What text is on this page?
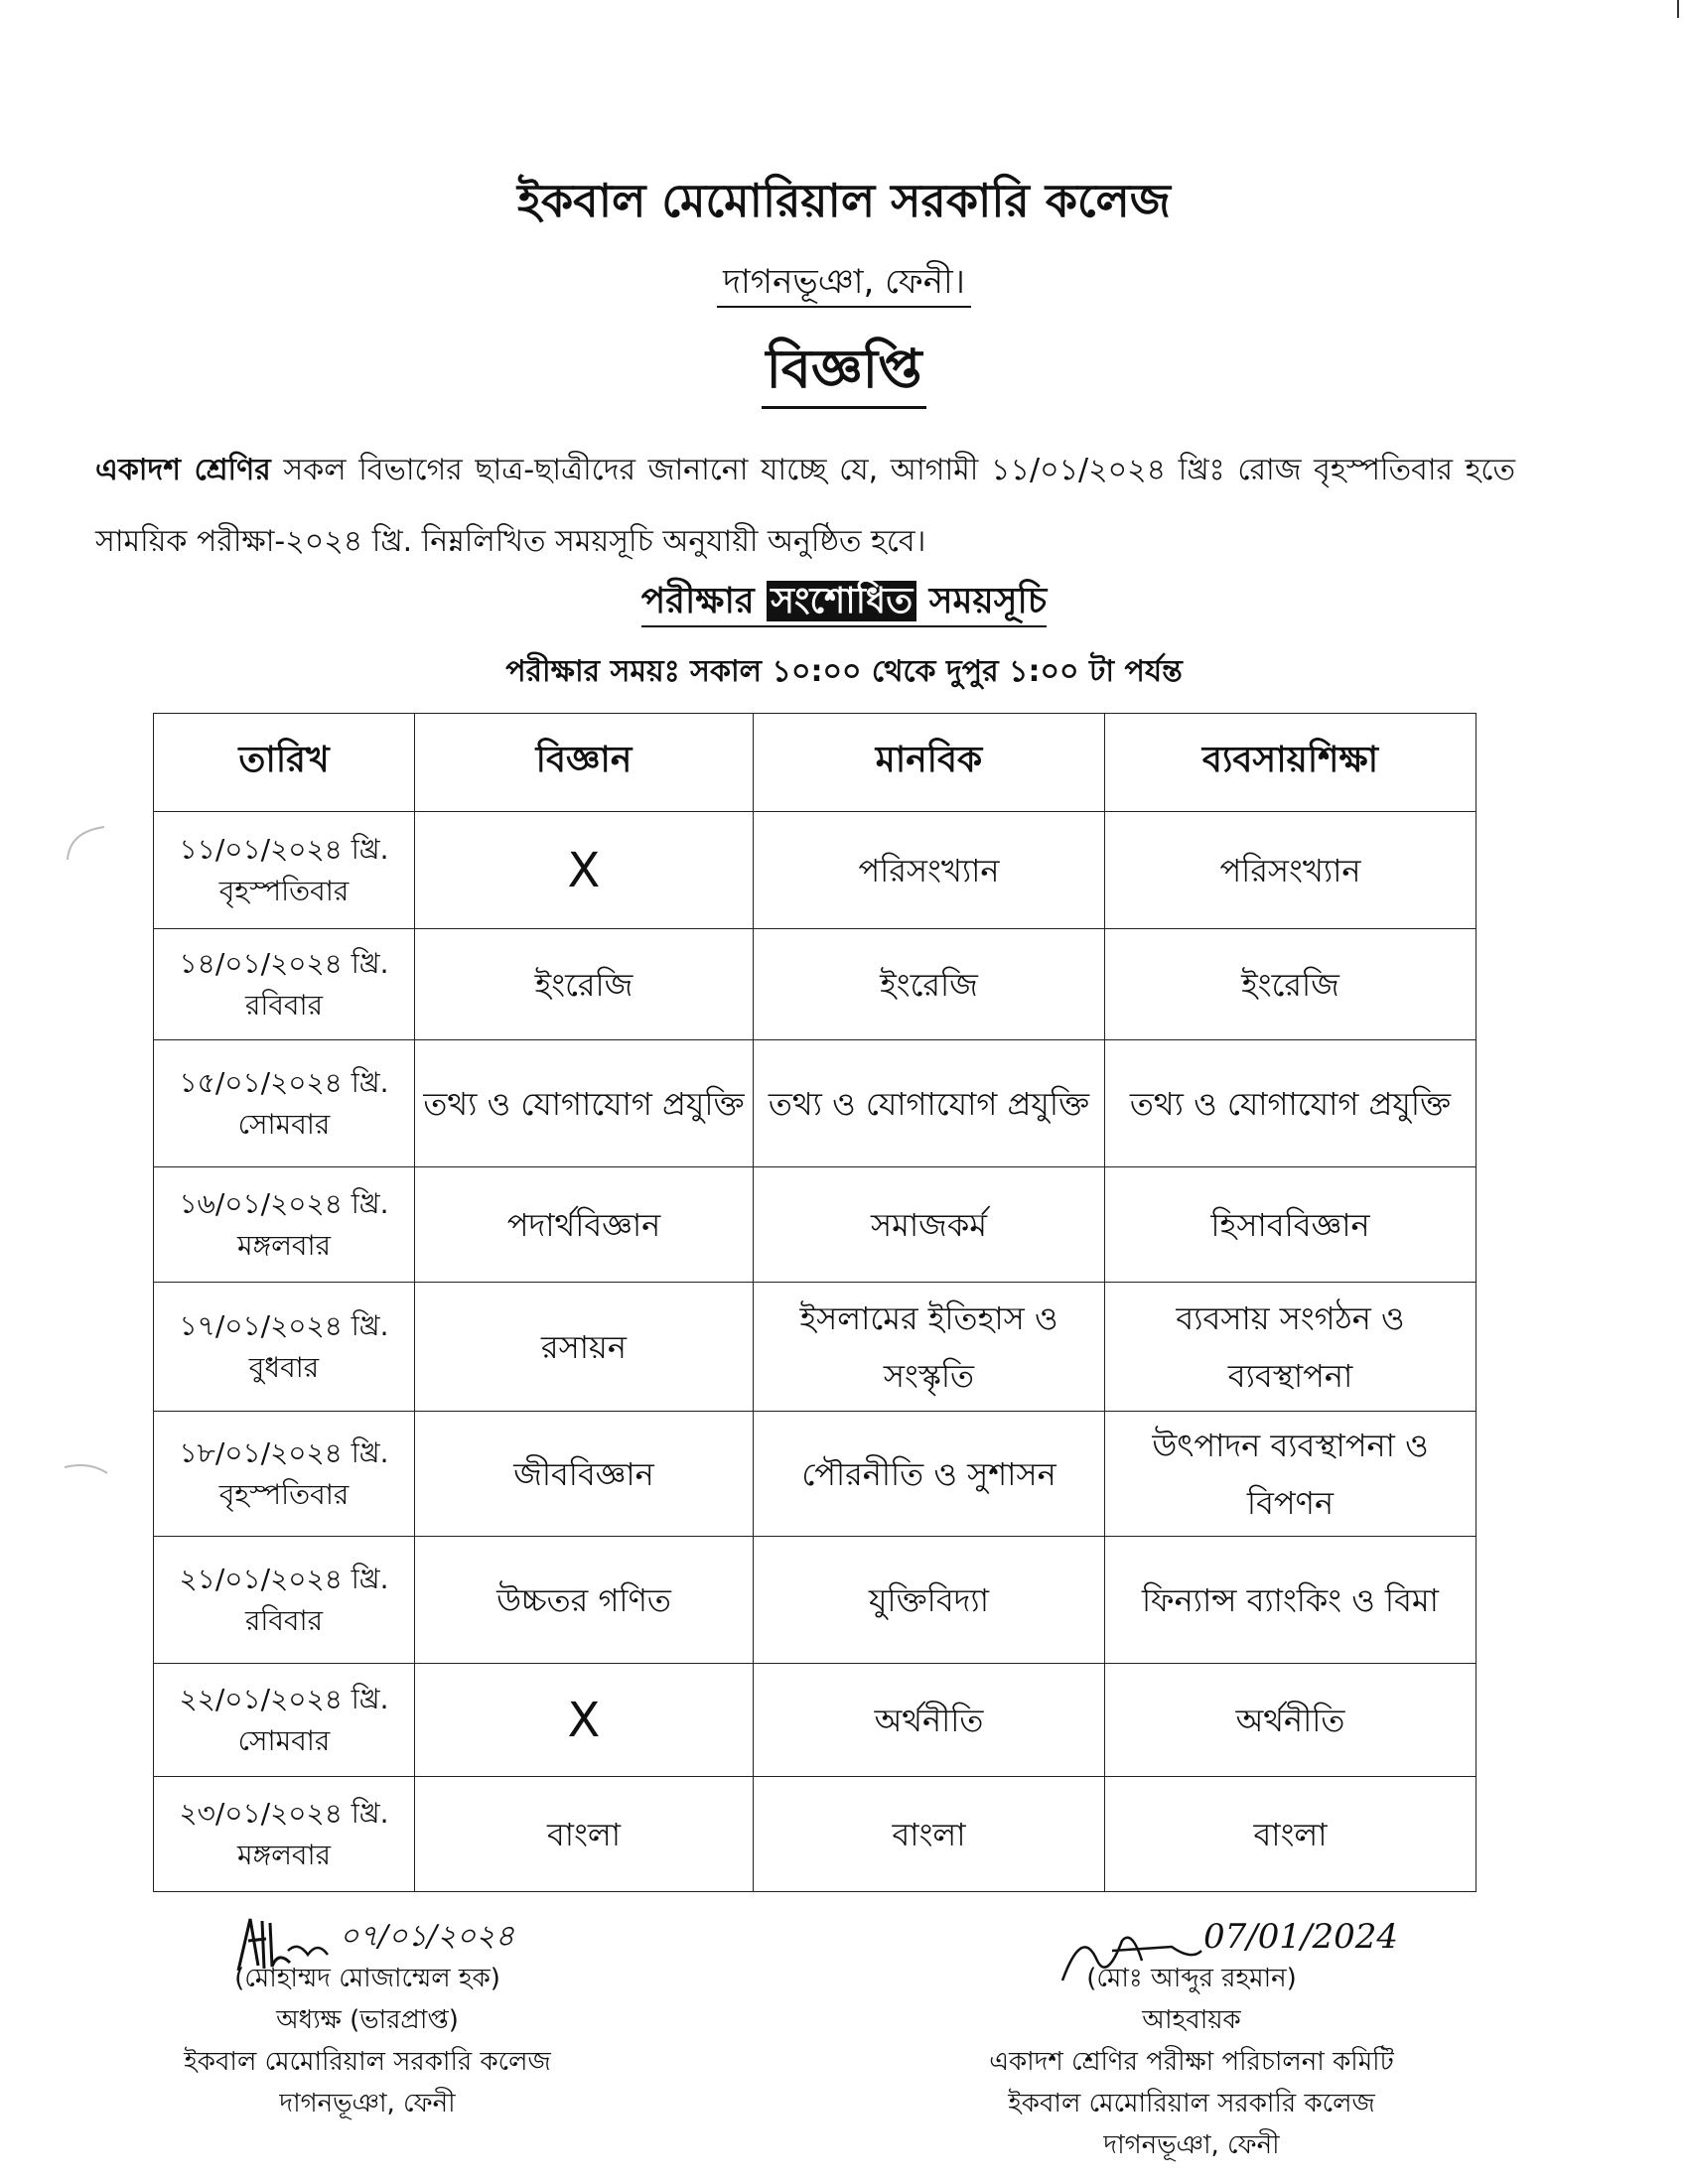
ইকবাল মেমোরিয়াল সরকারি কলেজ
দাগনভূঞা, ফেনী।
বিজ্ঞপ্তি
একাদশ শ্রেণির সকল বিভাগের ছাত্র-ছাত্রীদের জানানো যাচ্ছে যে, আগামী ১১/০১/২০২৪ খ্রিঃ রোজ বৃহস্পতিবার হতে সাময়িক পরীক্ষা-২০২৪ খ্রি. নিম্নলিখিত সময়সূচি অনুযায়ী অনুষ্ঠিত হবে।
পরীক্ষার সংশোধিত সময়সূচি
পরীক্ষার সময়ঃ সকাল ১০:০০ থেকে দুপুর ১:০০ টা পর্যন্ত
তারিখ	বিজ্ঞান	মানবিক	ব্যবসায়শিক্ষা

১১/০১/২০২৪ খ্রি.
বৃহস্পতিবার	X	পরিসংখ্যান	পরিসংখ্যান

১৪/০১/২০২৪ খ্রি.
রবিবার	ইংরেজি	ইংরেজি	ইংরেজি

১৫/০১/২০২৪ খ্রি.
সোমবার	তথ্য ও যোগাযোগ প্রযুক্তি	তথ্য ও যোগাযোগ প্রযুক্তি	তথ্য ও যোগাযোগ প্রযুক্তি

১৬/০১/২০২৪ খ্রি.
মঙ্গলবার	পদার্থবিজ্ঞান	সমাজকর্ম	হিসাববিজ্ঞান

১৭/০১/২০২৪ খ্রি.
বুধবার	রসায়ন	ইসলামের ইতিহাস ও সংস্কৃতি	ব্যবসায় সংগঠন ও ব্যবস্থাপনা

১৮/০১/২০২৪ খ্রি.
বৃহস্পতিবার	জীববিজ্ঞান	পৌরনীতি ও সুশাসন	উৎপাদন ব্যবস্থাপনা ও বিপণন

২১/০১/২০২৪ খ্রি.
রবিবার	উচ্চতর গণিত	যুক্তিবিদ্যা	ফিন্যান্স ব্যাংকিং ও বিমা

২২/০১/২০২৪ খ্রি.
সোমবার	X	অর্থনীতি	অর্থনীতি

২৩/০১/২০২৪ খ্রি.
মঙ্গলবার	বাংলা	বাংলা	বাংলা
০৭/০১/২০২৪
(মোহাম্মদ মোজাম্মেল হক)
অধ্যক্ষ (ভারপ্রাপ্ত)
ইকবাল মেমোরিয়াল সরকারি কলেজ
দাগনভূঞা, ফেনী
07/01/2024
(মোঃ আব্দুর রহমান)
আহবায়ক
একাদশ শ্রেণির পরীক্ষা পরিচালনা কমিটি
ইকবাল মেমোরিয়াল সরকারি কলেজ
দাগনভূঞা, ফেনী
